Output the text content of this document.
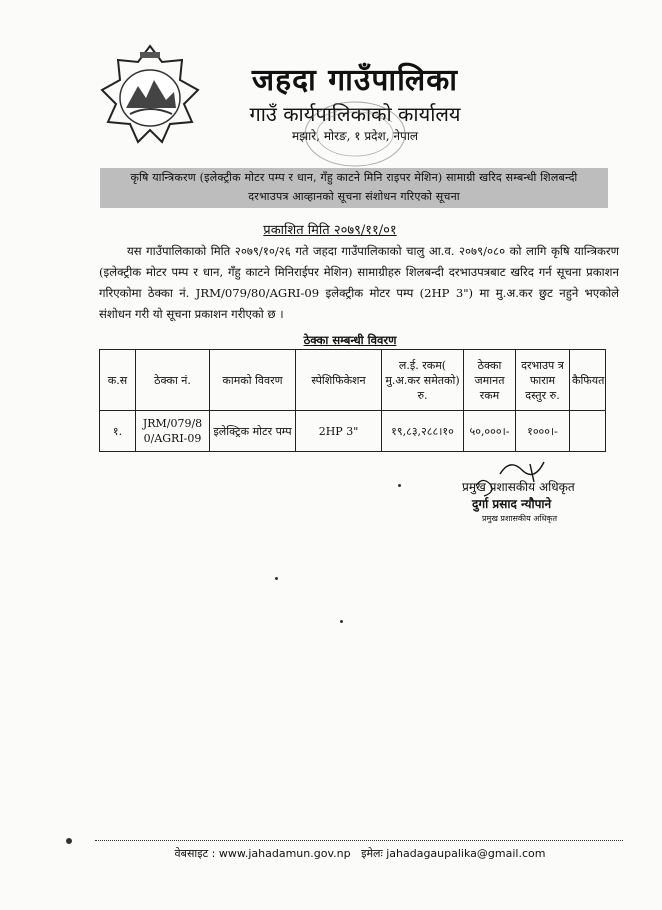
जहदा गाउँपालिका
गाउँ कार्यपालिकाको कार्यालय
मझारे, मोरङ, १ प्रदेश, नेपाल
कृषि यान्त्रिकरण (इलेक्ट्रीक मोटर पम्प र धान, गँहु काटने मिनि राइपर मेशिन) सामाग्री खरिद सम्बन्धी शिलबन्दी
दरभाउपत्र आव्हानको सूचना संशोधन गरिएको सूचना
प्रकाशित मिति २०७९/११/०१
यस गाउँपालिकाको मिति २०७९/१०/२६ गते जहदा गाउँपालिकाको चालु आ.व. २०७९/०८० को लागि कृषि यान्त्रिकरण (इलेक्ट्रीक मोटर पम्प र धान, गँहु काटने मिनिराईपर मेशिन) सामाग्रीहरु शिलबन्दी दरभाउपत्रबाट खरिद गर्न सूचना प्रकाशन गरिएकोमा ठेक्का नं. JRM/079/80/AGRI-09 इलेक्ट्रीक मोटर पम्प (2HP 3") मा मु.अ.कर छुट नहुने भएकोले संशोधन गरी यो सूचना प्रकाशन गरीएको छ ।
ठेक्का सम्बन्धी विवरण
क.स	ठेक्का नं.	कामको विवरण	स्पेशिफिकेशन	ल.ई. रकम( मु.अ.कर समेतको) रु.	ठेक्का जमानत रकम	दरभाउप त्र फाराम दस्तुर रु.	कैफियत
१.	JRM/079/80/AGRI-09	इलेक्ट्रिक मोटर पम्प	2HP 3"	१९,८३,२८८।१०	५०,०००।-	१०००।-	
प्रमुख प्रशासकीय अधिकृत
दुर्गा प्रसाद न्यौपाने
प्रमुख प्रशासकीय अधिकृत
वेबसाइट : www.jahadamun.gov.np इमेलः jahadagaupalika@gmail.com
